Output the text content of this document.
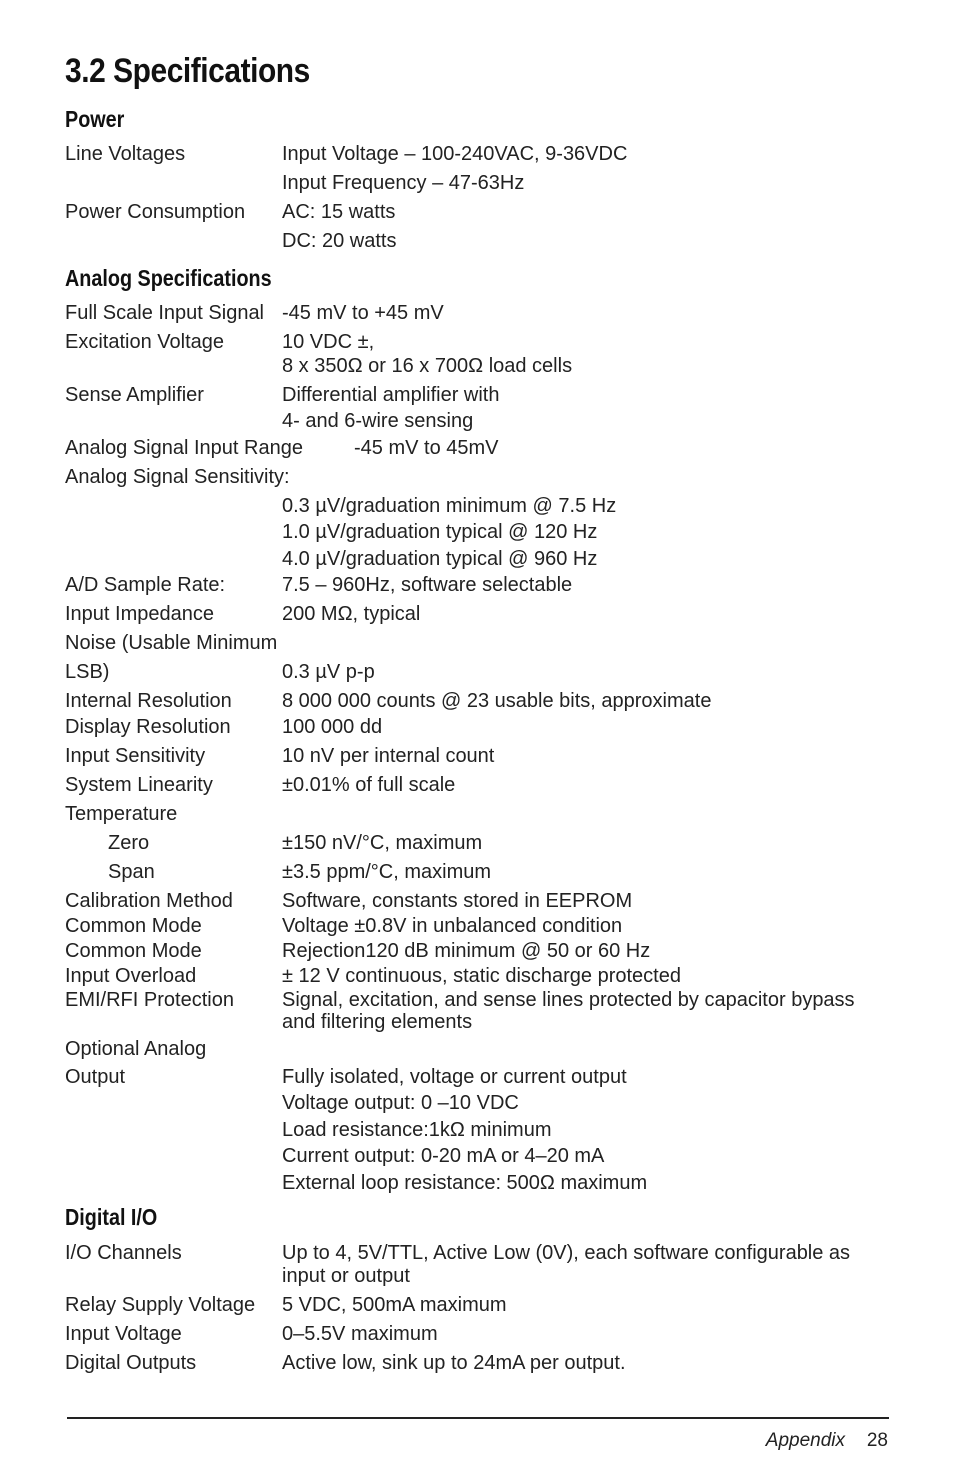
3.2 Specifications
Power
Line Voltages	Input Voltage – 100-240VAC, 9-36VDC
Input Frequency – 47-63Hz
Power Consumption AC: 15 watts
DC: 20 watts
Analog Specifications
Full Scale Input Signal -45 mV to +45 mV
Excitation Voltage	10 VDC ±,
8 x 350Ω or 16 x 700Ω load cells
Sense Amplifier	Differential amplifier with
4- and 6-wire sensing
Analog Signal Input Range	-45 mV to 45mV
Analog Signal Sensitivity:
0.3 µV/graduation minimum @ 7.5 Hz
1.0 µV/graduation typical @ 120 Hz
4.0 µV/graduation typical @ 960 Hz
A/D Sample Rate:	7.5 – 960Hz, software selectable
Input Impedance	200 MΩ, typical
Noise (Usable Minimum
LSB)	0.3 µV p-p
Internal Resolution	8 000 000 counts @ 23 usable bits, approximate
Display Resolution	100 000 dd
Input Sensitivity	10 nV per internal count
System Linearity	±0.01% of full scale
Temperature
Zero	±150 nV/°C, maximum
Span	±3.5 ppm/°C, maximum
Calibration Method Software, constants stored in EEPROM
Common Mode	Voltage ±0.8V in unbalanced condition
Common Mode	Rejection120 dB minimum @ 50 or 60 Hz
Input Overload	± 12 V continuous, static discharge protected
EMI/RFI Protection Signal, excitation, and sense lines protected by capacitor bypass
and filtering elements
Optional Analog
Output	Fully isolated, voltage or current output
Voltage output: 0 –10 VDC
Load resistance:1kΩ minimum
Current output: 0-20 mA or 4–20 mA
External loop resistance: 500Ω maximum
Digital I/O
I/O Channels	Up to 4, 5V/TTL, Active Low (0V), each software configurable as
input or output
Relay Supply Voltage 5 VDC, 500mA maximum
Input Voltage	0–5.5V maximum
Digital Outputs	Active low, sink up to 24mA per output.
Appendix 28
